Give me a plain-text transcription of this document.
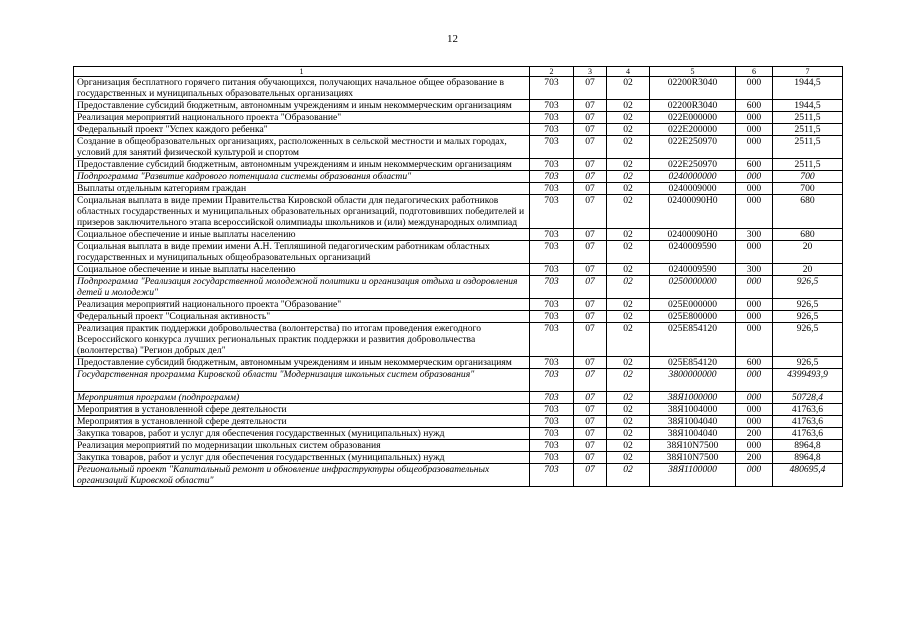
12
1	2	3	4	5	6	7
Организация бесплатного горячего питания обучающихся, получающих начальное общее образование в государственных и муниципальных образовательных организациях	703	07	02	02200R3040	000	1944,5
Предоставление субсидий бюджетным, автономным учреждениям и иным некоммерческим организациям	703	07	02	02200R3040	600	1944,5
Реализация мероприятий национального проекта "Образование"	703	07	02	022E000000	000	2511,5
Федеральный проект "Успех каждого ребенка"	703	07	02	022E200000	000	2511,5
Создание в общеобразовательных организациях, расположенных в сельской местности и малых городах, условий для занятий физической культурой и спортом	703	07	02	022E250970	000	2511,5
Предоставление субсидий бюджетным, автономным учреждениям и иным некоммерческим организациям	703	07	02	022E250970	600	2511,5
Подпрограмма "Развитие кадрового потенциала системы образования области"	703	07	02	0240000000	000	700
Выплаты отдельным категориям граждан	703	07	02	0240009000	000	700
Социальная выплата в виде премии Правительства Кировской области для педагогических работников областных государственных и муниципальных образовательных организаций, подготовивших победителей и призеров заключительного этапа всероссийской олимпиады школьников и (или) международных олимпиад	703	07	02	02400090Н0	000	680
Социальное обеспечение и иные выплаты населению	703	07	02	02400090Н0	300	680
Социальная выплата в виде премии имени А.Н. Тепляшиной педагогическим работникам областных государственных и муниципальных общеобразовательных организаций	703	07	02	0240009590	000	20
Социальное обеспечение и иные выплаты населению	703	07	02	0240009590	300	20
Подпрограмма "Реализация государственной молодежной политики и организация отдыха и оздоровления детей и молодежи"	703	07	02	0250000000	000	926,5
Реализация мероприятий национального проекта "Образование"	703	07	02	025E000000	000	926,5
Федеральный проект "Социальная активность"	703	07	02	025E800000	000	926,5
Реализация практик поддержки добровольчества (волонтерства) по итогам проведения ежегодного Всероссийского конкурса лучших региональных практик поддержки и развития добровольчества (волонтерства) "Регион добрых дел"	703	07	02	025E854120	000	926,5
Предоставление субсидий бюджетным, автономным учреждениям и иным некоммерческим организациям	703	07	02	025E854120	600	926,5
Государственная программа Кировской области "Модернизация школьных систем образования"	703	07	02	3800000000	000	4399493,9
Мероприятия программ (подпрограмм)	703	07	02	38Я1000000	000	50728,4
Мероприятия в установленной сфере деятельности	703	07	02	38Я1004000	000	41763,6
Мероприятия в установленной сфере деятельности	703	07	02	38Я1004040	000	41763,6
Закупка товаров, работ и услуг для обеспечения государственных (муниципальных) нужд	703	07	02	38Я1004040	200	41763,6
Реализация мероприятий по модернизации школьных систем образования	703	07	02	38Я10N7500	000	8964,8
Закупка товаров, работ и услуг для обеспечения государственных (муниципальных) нужд	703	07	02	38Я10N7500	200	8964,8
Региональный проект "Капитальный ремонт и обновление инфраструктуры общеобразовательных организаций Кировской области"	703	07	02	38Я1100000	000	480695,4
